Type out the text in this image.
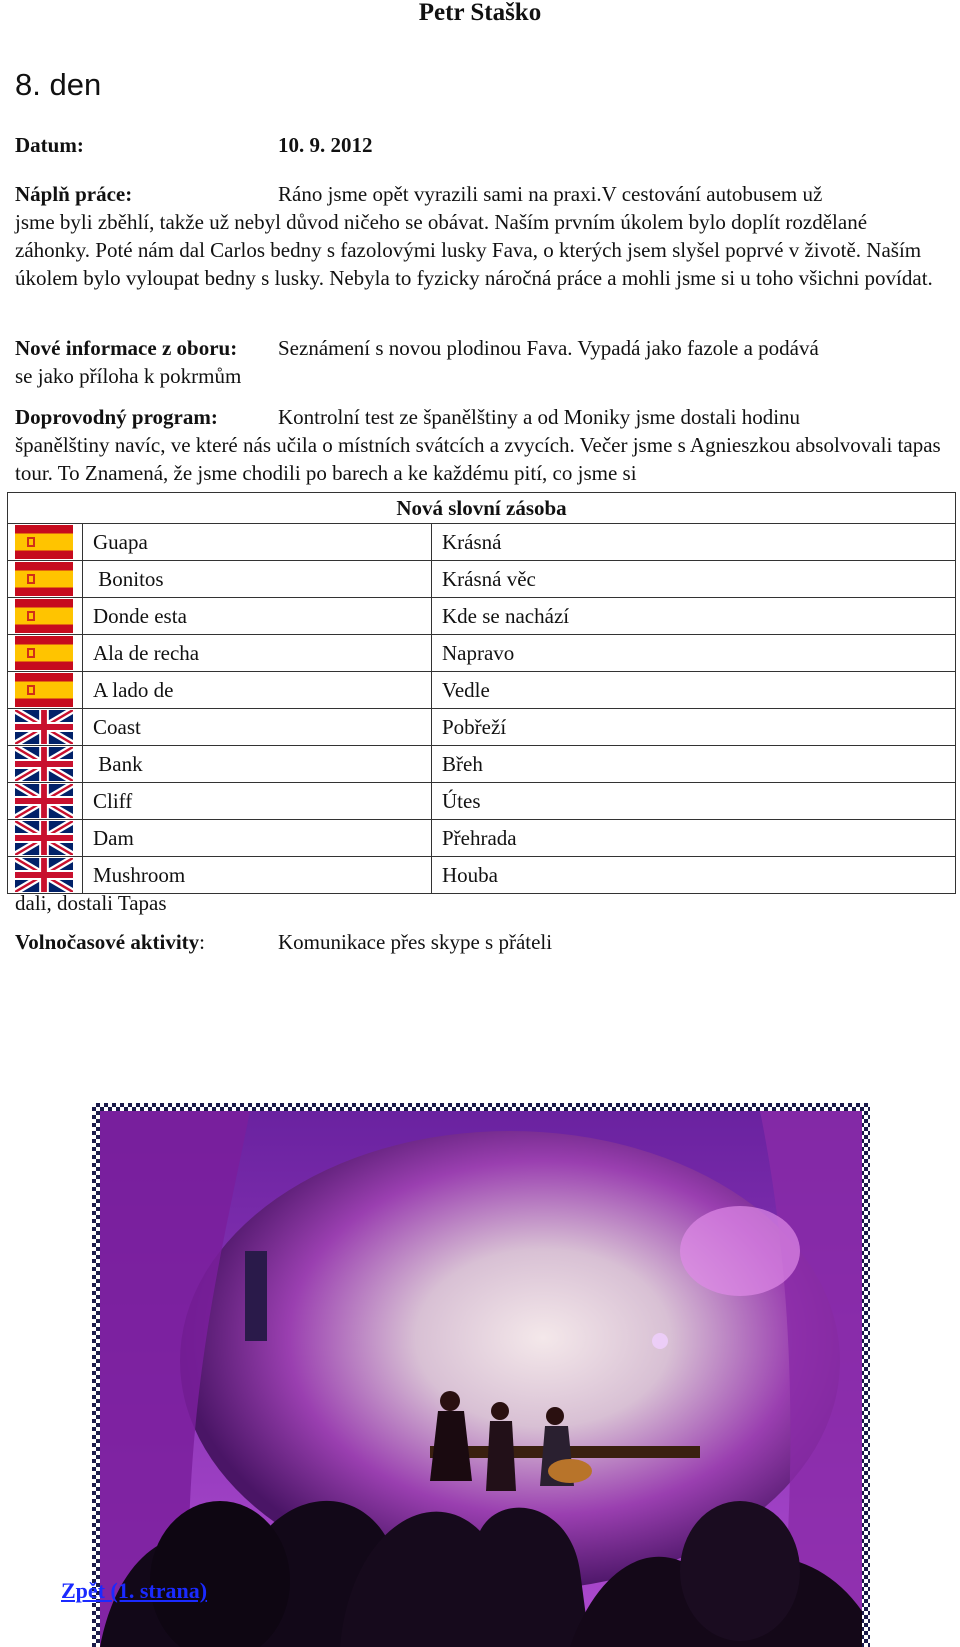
Petr Staško
8. den
Datum:	10. 9. 2012
Náplň práce:	Ráno jsme opět vyrazili sami na praxi.V cestování autobusem už
jsme byli zběhlí, takže už nebyl důvod ničeho se obávat. Naším prvním úkolem bylo doplít rozdělané záhonky. Poté nám dal Carlos bedny s fazolovými lusky Fava, o kterých jsem slyšel poprvé v životě. Naším úkolem bylo vyloupat bedny s lusky. Nebyla to fyzicky náročná práce a mohli jsme si u toho všichni povídat.
Nové informace z oboru: Seznámení s novou plodinou Fava. Vypadá jako fazole a podává
se jako příloha k pokrmům
Doprovodný program:	Kontrolní test ze španělštiny a od Moniky jsme dostali hodinu
španělštiny navíc, ve které nás učila o místních svátcích a zvycích. Večer jsme s Agnieszkou absolvovali tapas tour. To Znamená, že jsme chodili po barech a ke každému pití, co jsme si
Nová slovní zásoba		

	Guapa	Krásná

	Bonitos	Krásná věc

	Donde esta	Kde se nachází

	Ala de recha	Napravo

	A lado de	Vedle

	Coast	Pobřeží

	Bank	Břeh

	Cliff	Útes

	Dam	Přehrada

	Mushroom	Houba
dali, dostali Tapas
Volnočasové aktivity:	Komunikace přes skype s přáteli
Zpět (1. strana)
